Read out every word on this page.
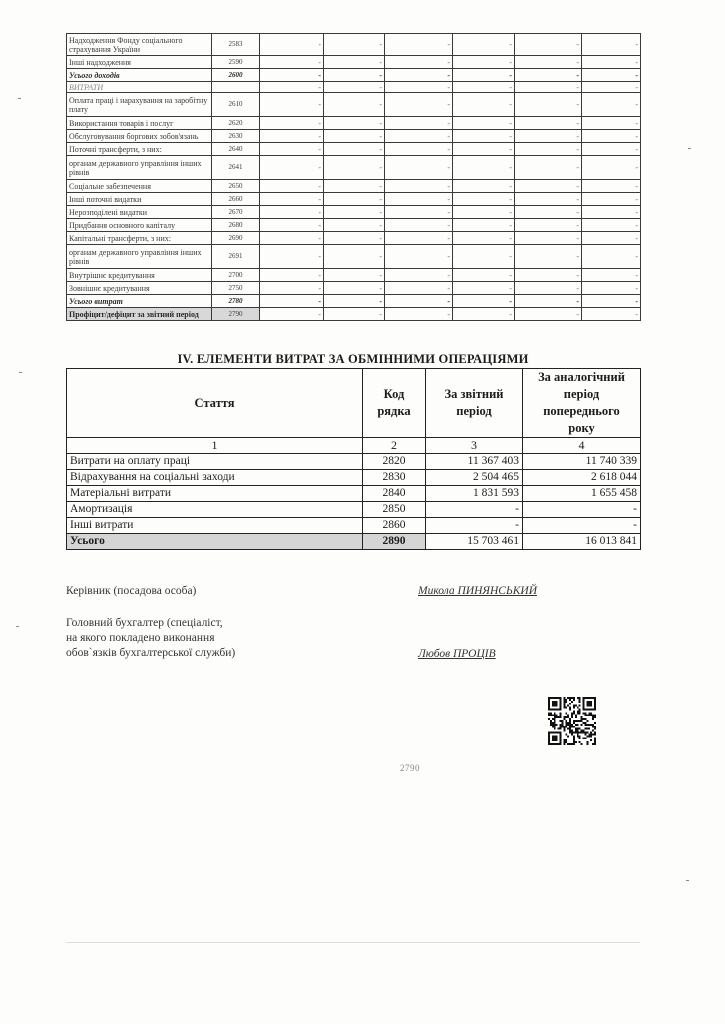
Надходження Фонду соціального страхування України	2583	-	-	-	-	-	-
Інші надходження	2590	-	-	-	-	-	-
Усього доходів	2600	-	-	-	-	-	-
ВИТРАТИ		-	-	-	-	-	-
Оплата праці і нарахування на заробітну плату	2610	-	-	-	-	-	-
Використання товарів і послуг	2620	-	-	-	-	-	-
Обслуговування боргових зобов'язань	2630	-	-	-	-	-	-
Поточні трансферти, з них:	2640	-	-	-	-	-	-
органам державного управління інших рівнів	2641	-	-	-	-	-	-
Соціальне забезпечення	2650	-	-	-	-	-	-
Інші поточні видатки	2660	-	-	-	-	-	-
Нерозподілені видатки	2670	-	-	-	-	-	-
Придбання основного капіталу	2680	-	-	-	-	-	-
Капітальні трансферти, з них:	2690	-	-	-	-	-	-
органам державного управління інших рівнів	2691	-	-	-	-	-	-
Внутрішнє кредитування	2700	-	-	-	-	-	-
Зовнішнє кредитування	2750	-	-	-	-	-	-
Усього витрат	2780	-	-	-	-	-	-
Профіцит/дефіцит за звітний період	2790	-	-	-	-	-	-
IV. ЕЛЕМЕНТИ ВИТРАТ ЗА ОБМІННИМИ ОПЕРАЦІЯМИ
Стаття	Код рядка	За звітний період	За аналогічний період попереднього року
1	2	3	4
Витрати на оплату праці	2820	11 367 403	11 740 339
Відрахування на соціальні заходи	2830	2 504 465	2 618 044
Матеріальні витрати	2840	1 831 593	1 655 458
Амортизація	2850	-	-
Інші витрати	2860	-	-
Усього	2890	15 703 461	16 013 841
Керівник (посадова особа)	Микола ПИНЯНСЬКИЙ
Головний бухгалтер (спеціаліст,
на якого покладено виконання
обов`язків бухгалтерської служби)	Любов ПРОЦІВ
2790
